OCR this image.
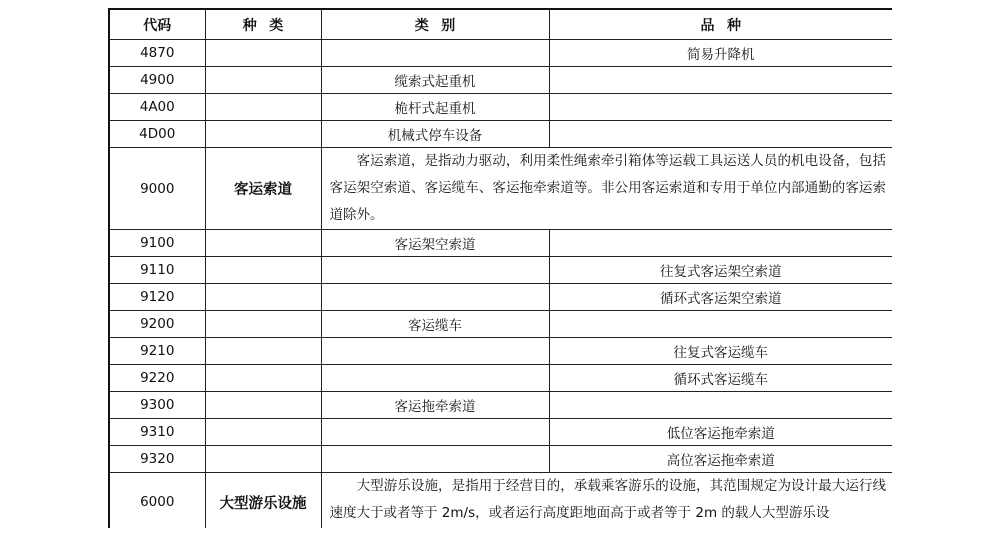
代码	种类	类别	品种
4870			简易升降机
4900		缆索式起重机	
4A00		桅杆式起重机	
4D00		机械式停车设备	
9000	客运索道	客运索道，是指动力驱动，利用柔性绳索牵引箱体等运载工具运送人员的机电设备，包括客运架空索道、客运缆车、客运拖牵索道等。非公用客运索道和专用于单位内部通勤的客运索道除外。	
9100		客运架空索道	
9110			往复式客运架空索道
9120			循环式客运架空索道
9200		客运缆车	
9210			往复式客运缆车
9220			循环式客运缆车
9300		客运拖牵索道	
9310			低位客运拖牵索道
9320			高位客运拖牵索道
6000	大型游乐设施	大型游乐设施，是指用于经营目的，承载乘客游乐的设施，其范围规定为设计最大运行线速度大于或者等于 2m/s，或者运行高度距地面高于或者等于 2m 的载人大型游乐设	
